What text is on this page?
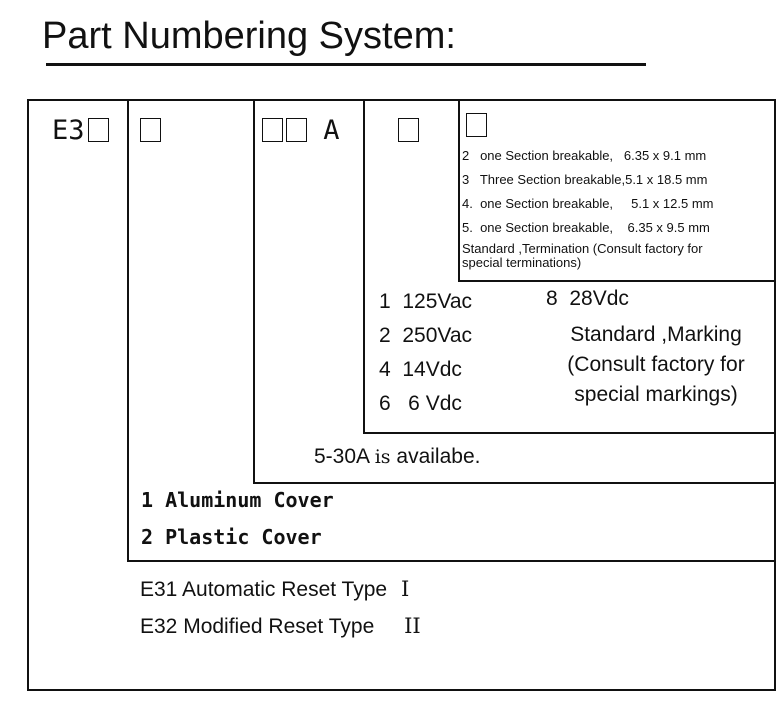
Part Numbering System:
E3	A
2   one Section breakable,   6.35 x 9.1 mm
3   Three Section breakable,5.1 x 18.5 mm
4.  one Section breakable,     5.1 x 12.5 mm
5.  one Section breakable,    6.35 x 9.5 mm
Standard ,Termination (Consult factory for
special terminations)
1  125Vac
2  250Vac
4  14Vdc
6   6 Vdc
8  28Vdc
Standard ,Marking
(Consult factory for
special markings)
5-30A is availabe.
1 Aluminum Cover
2 Plastic Cover
E31 Automatic Reset Type I
E32 Modified Reset Type II
